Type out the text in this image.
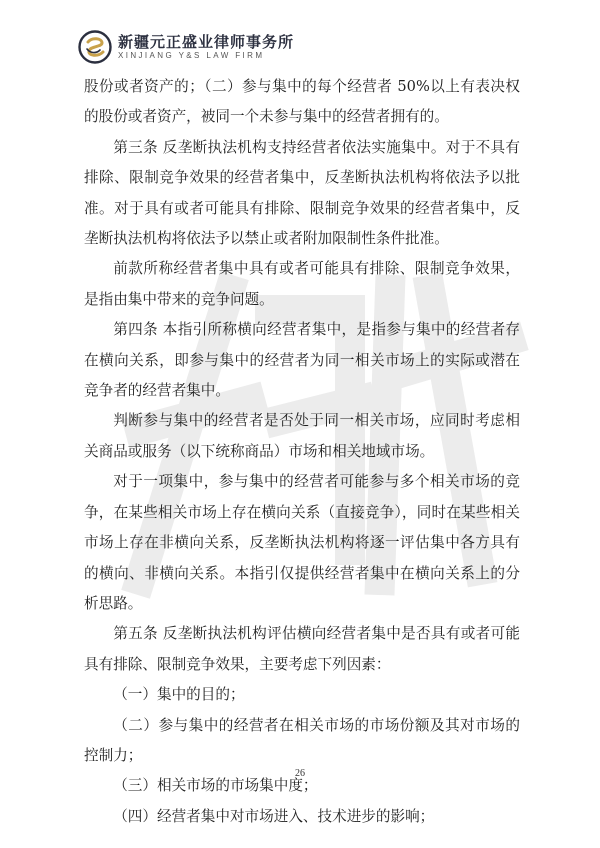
新疆元正盛业律师事务所
XINJIANG Y&S LAW FIRM

股份或者资产的；（二）参与集中的每个经营者 50%以上有表决权的股份或者资产，被同一个未参与集中的经营者拥有的。

第三条 反垄断执法机构支持经营者依法实施集中。对于不具有排除、限制竞争效果的经营者集中，反垄断执法机构将依法予以批准。对于具有或者可能具有排除、限制竞争效果的经营者集中，反垄断执法机构将依法予以禁止或者附加限制性条件批准。

前款所称经营者集中具有或者可能具有排除、限制竞争效果，是指由集中带来的竞争问题。

第四条 本指引所称横向经营者集中，是指参与集中的经营者存在横向关系，即参与集中的经营者为同一相关市场上的实际或潜在竞争者的经营者集中。

判断参与集中的经营者是否处于同一相关市场，应同时考虑相关商品或服务（以下统称商品）市场和相关地域市场。

对于一项集中，参与集中的经营者可能参与多个相关市场的竞争，在某些相关市场上存在横向关系（直接竞争），同时在某些相关市场上存在非横向关系，反垄断执法机构将逐一评估集中各方具有的横向、非横向关系。本指引仅提供经营者集中在横向关系上的分析思路。

第五条 反垄断执法机构评估横向经营者集中是否具有或者可能具有排除、限制竞争效果，主要考虑下列因素：

（一）集中的目的；

（二）参与集中的经营者在相关市场的市场份额及其对市场的控制力；

（三）相关市场的市场集中度；

（四）经营者集中对市场进入、技术进步的影响；

26
